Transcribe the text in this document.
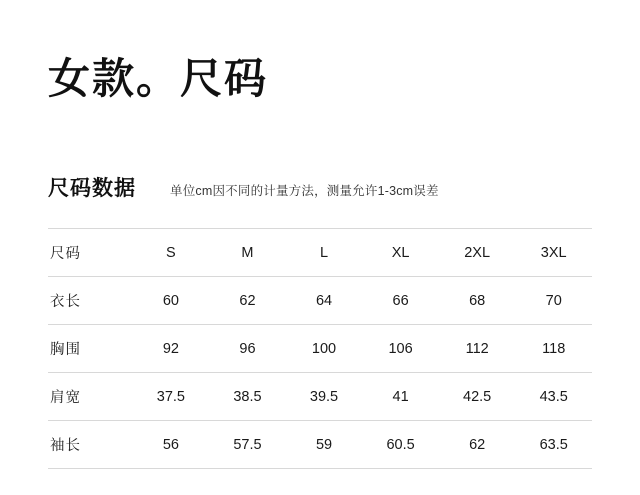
女款。尺码
尺码数据	单位cm因不同的计量方法，测量允许1-3cm误差
尺码	S	M	L	XL	2XL	3XL
衣长	60	62	64	66	68	70
胸围	92	96	100	106	112	118
肩宽	37.5	38.5	39.5	41	42.5	43.5
袖长	56	57.5	59	60.5	62	63.5
